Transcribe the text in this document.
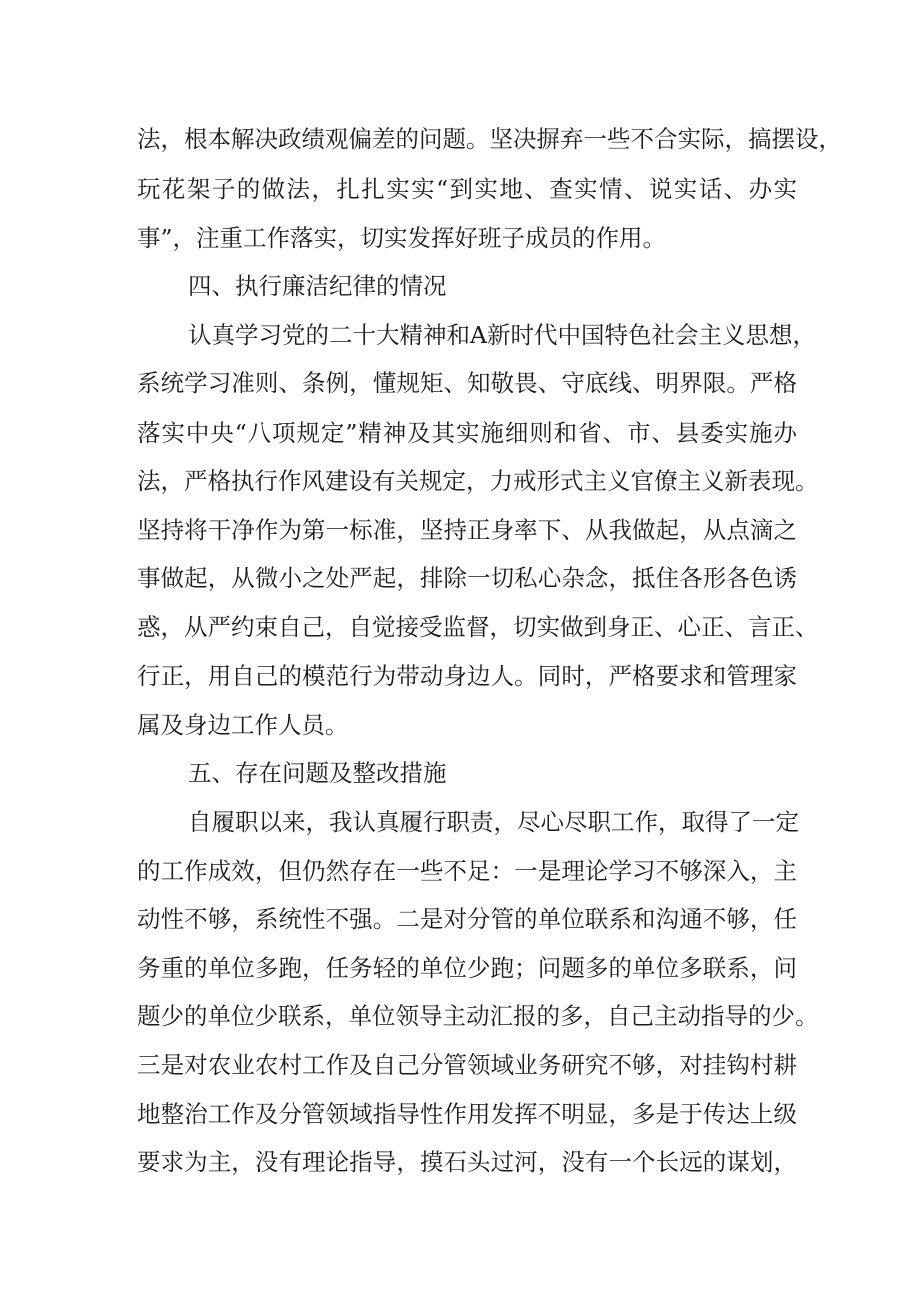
法，根本解决政绩观偏差的问题。坚决摒弃一些不合实际，搞摆设，
玩花架子的做法，扎扎实实“到实地、查实情、说实话、办实
事”，注重工作落实，切实发挥好班子成员的作用。
四、执行廉洁纪律的情况
认真学习党的二十大精神和A新时代中国特色社会主义思想，
系统学习准则、条例，懂规矩、知敬畏、守底线、明界限。严格
落实中央“八项规定”精神及其实施细则和省、市、县委实施办
法，严格执行作风建设有关规定，力戒形式主义官僚主义新表现。
坚持将干净作为第一标准，坚持正身率下、从我做起，从点滴之
事做起，从微小之处严起，排除一切私心杂念，抵住各形各色诱
惑，从严约束自己，自觉接受监督，切实做到身正、心正、言正、
行正，用自己的模范行为带动身边人。同时，严格要求和管理家
属及身边工作人员。
五、存在问题及整改措施
自履职以来，我认真履行职责，尽心尽职工作，取得了一定
的工作成效，但仍然存在一些不足：一是理论学习不够深入，主
动性不够，系统性不强。二是对分管的单位联系和沟通不够，任
务重的单位多跑，任务轻的单位少跑；问题多的单位多联系，问
题少的单位少联系，单位领导主动汇报的多，自己主动指导的少。
三是对农业农村工作及自己分管领域业务研究不够，对挂钩村耕
地整治工作及分管领域指导性作用发挥不明显，多是于传达上级
要求为主，没有理论指导，摸石头过河，没有一个长远的谋划，
